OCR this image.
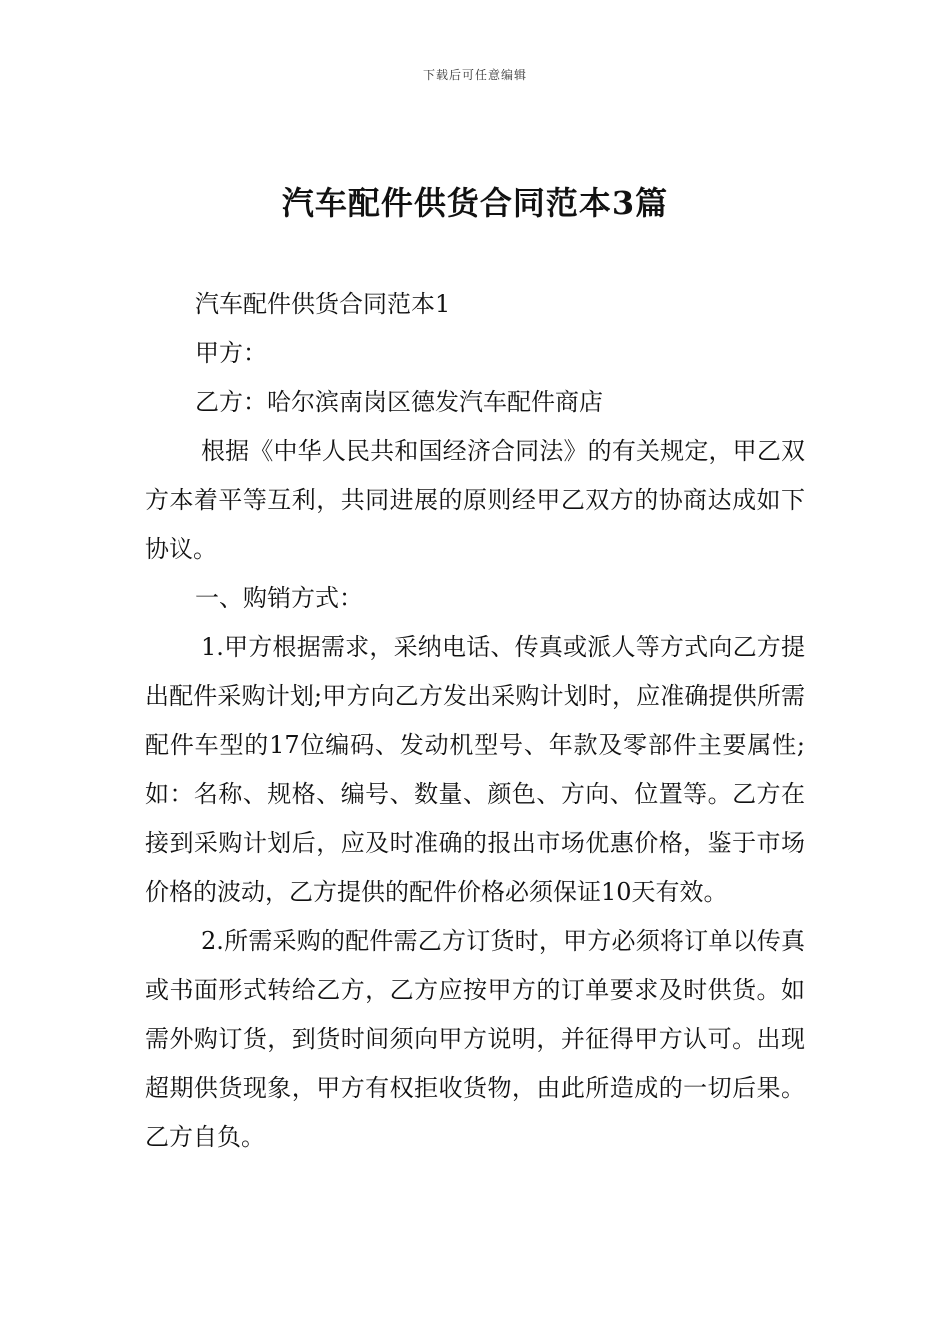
下载后可任意编辑
汽车配件供货合同范本3篇

汽车配件供货合同范本1

甲方：

乙方：哈尔滨南岗区德发汽车配件商店

根据《中华人民共和国经济合同法》的有关规定，甲乙双方本着平等互利，共同进展的原则经甲乙双方的协商达成如下协议。

一、购销方式：

1.甲方根据需求，采纳电话、传真或派人等方式向乙方提出配件采购计划;甲方向乙方发出采购计划时，应准确提供所需配件车型的17位编码、发动机型号、年款及零部件主要属性;如：名称、规格、编号、数量、颜色、方向、位置等。乙方在接到采购计划后，应及时准确的报出市场优惠价格，鉴于市场价格的波动，乙方提供的配件价格必须保证10天有效。

2.所需采购的配件需乙方订货时，甲方必须将订单以传真或书面形式转给乙方，乙方应按甲方的订单要求及时供货。如需外购订货，到货时间须向甲方说明，并征得甲方认可。出现超期供货现象，甲方有权拒收货物，由此所造成的一切后果。乙方自负。
